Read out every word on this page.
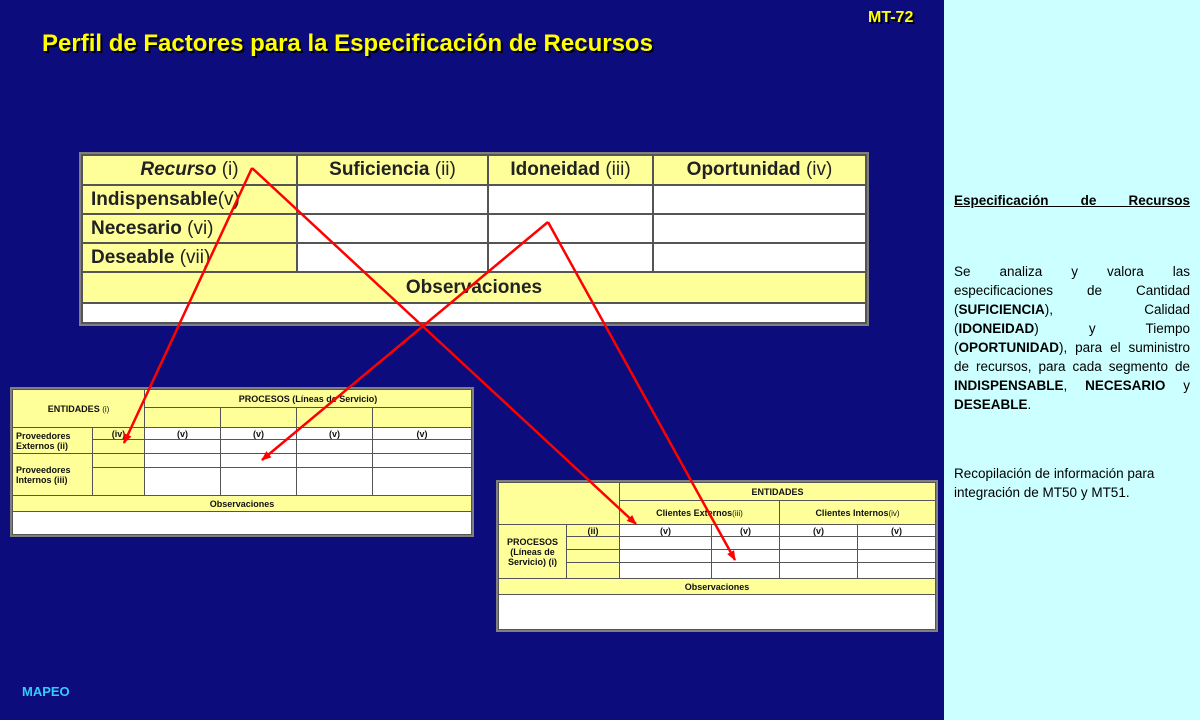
MT-72
Perfil de Factores para la Especificación de Recursos
Recurso (i)	Suficiencia (ii)	Idoneidad (iii)	Oportunidad (iv)
Indispensable(v)			
Necesario (vi)			
Deseable (vii)			
Observaciones			

ENTIDADES (i)		PROCESOS (Líneas de Servicio)			

Proveedores Externos (ii)	(iv)	(v)	(v)	(v)	(v)

Proveedores Internos (iii)					

Observaciones					

		ENTIDADES			
		Clientes Externos(iii)		Clientes Internos(iv)	
PROCESOS (Líneas de Servicio) (i)	(ii)	(v)	(v)	(v)	(v)

Observaciones					

MAPEO
Especificación de Recursos

Se analiza y valora las especificaciones de Cantidad (SUFICIENCIA), Calidad (IDONEIDAD) y Tiempo (OPORTUNIDAD), para el suministro de recursos, para cada segmento de INDISPENSABLE, NECESARIO y DESEABLE.

Recopilación de información para integración de MT50 y MT51.
